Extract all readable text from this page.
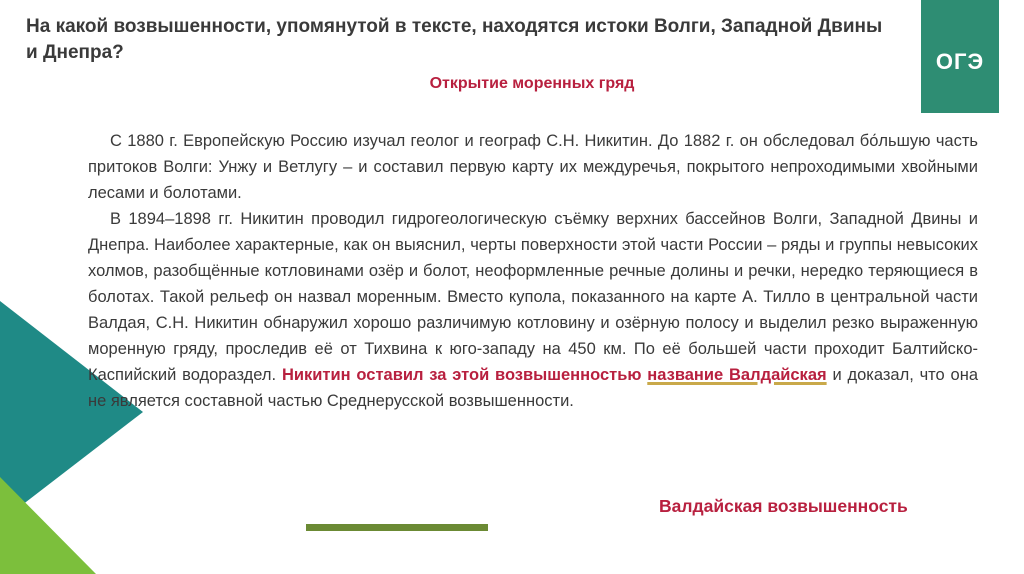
На какой возвышенности, упомянутой в тексте, находятся истоки Волги, Западной Двины и Днепра?	ОГЭ
Открытие моренных гряд

С 1880 г. Европейскую Россию изучал геолог и географ С.Н. Никитин. До 1882 г. он обследовал бо́льшую часть притоков Волги: Унжу и Ветлугу – и составил первую карту их междуречья, покрытого непроходимыми хвойными лесами и болотами.

В 1894–1898 гг. Никитин проводил гидрогеологическую съёмку верхних бассейнов Волги, Западной Двины и Днепра. Наиболее характерные, как он выяснил, черты поверхности этой части России – ряды и группы невысоких холмов, разобщённые котловинами озёр и болот, неоформленные речные долины и речки, нередко теряющиеся в болотах. Такой рельеф он назвал моренным. Вместо купола, показанного на карте А. Тилло в центральной части Валдая, С.Н. Никитин обнаружил хорошо различимую котловину и озёрную полосу и выделил резко выраженную моренную гряду, проследив её от Тихвина к юго-западу на 450 км. По её большей части проходит Балтийско-Каспийский водораздел. Никитин оставил за этой возвышенностью название Валдайская и доказал, что она не является составной частью Среднерусской возвышенности.

Валдайская возвышенность
